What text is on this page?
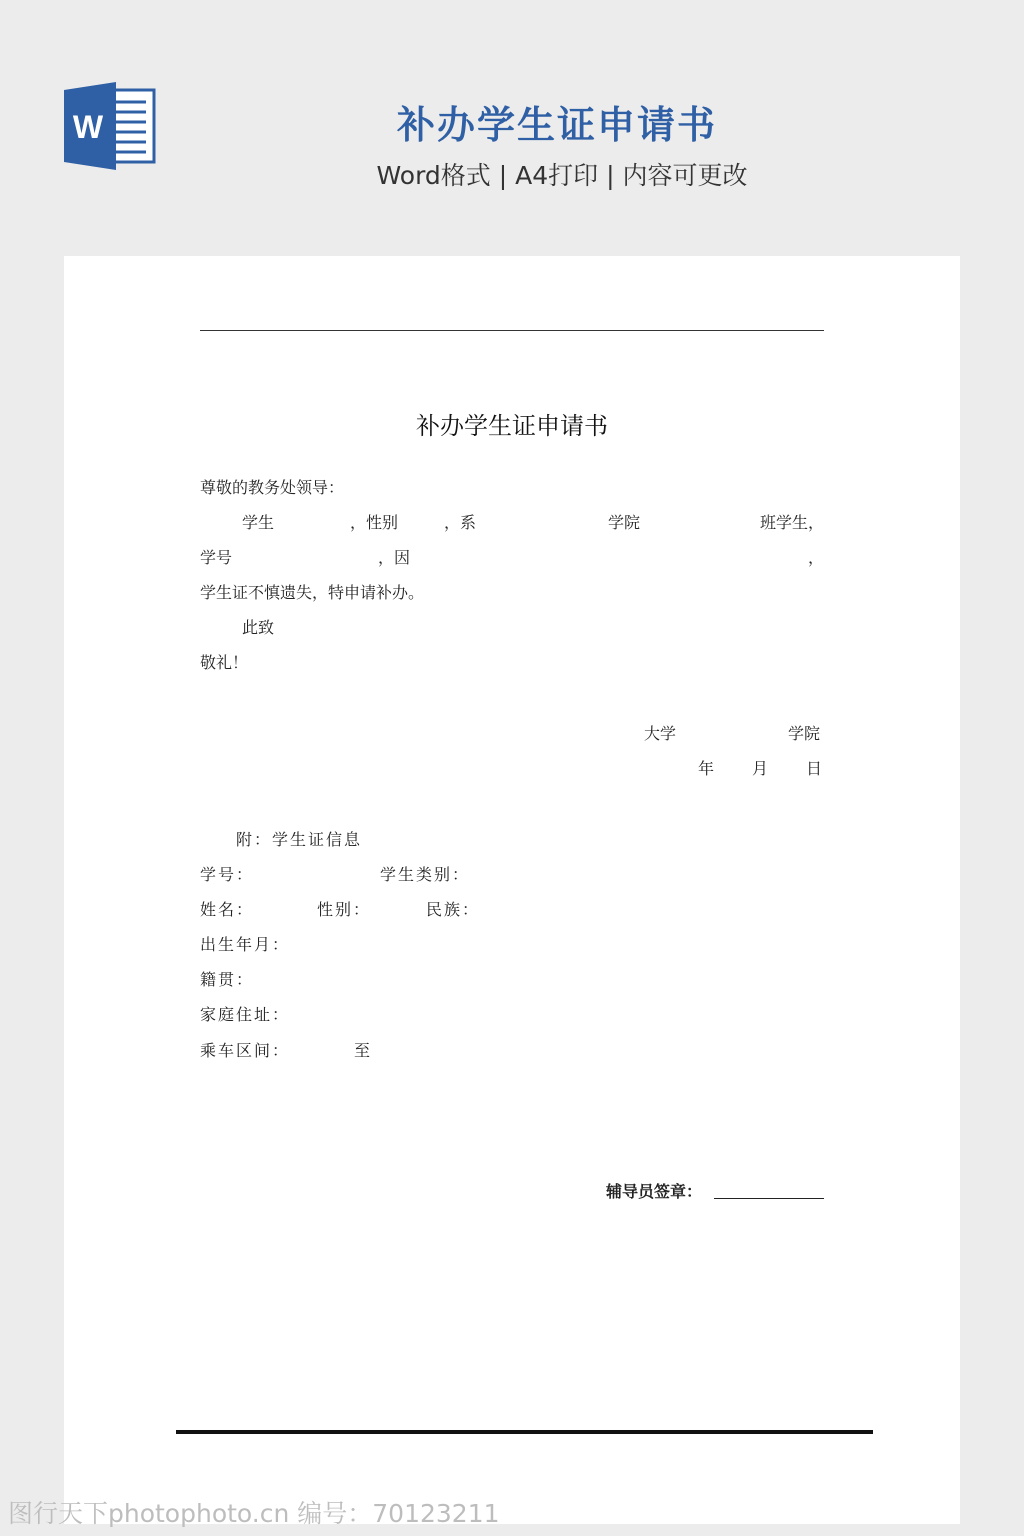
W	补办学生证申请书
Word格式 | A4打印 | 内容可更改
补办学生证申请书
尊敬的教务处领导：
学生	，性别	，系	学院	班学生，
学号	，因	，
学生证不慎遗失，特申请补办。
此致
敬礼！
大学	学院
年 月 日
附：学生证信息
学号：	学生类别：
姓名：	性别：	民族：
出生年月：
籍贯：
家庭住址：
乘车区间：	至
辅导员签章：
图行天下photophoto.cn 编号：70123211
